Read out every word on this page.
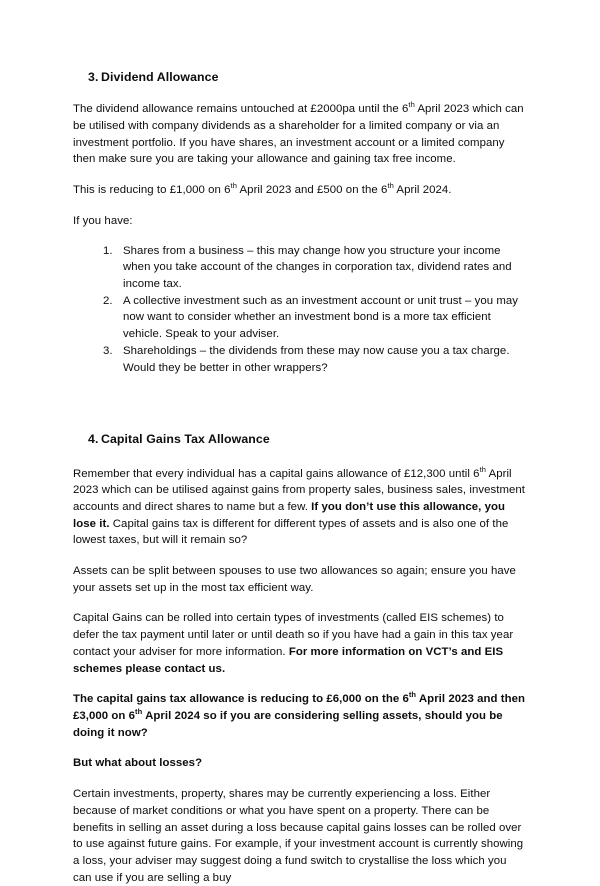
3. Dividend Allowance

The dividend allowance remains untouched at £2000pa until the 6th April 2023 which can be utilised with company dividends as a shareholder for a limited company or via an investment portfolio. If you have shares, an investment account or a limited company then make sure you are taking your allowance and gaining tax free income.

This is reducing to £1,000 on 6th April 2023 and £500 on the 6th April 2024.

If you have:

1. Shares from a business – this may change how you structure your income when you take account of the changes in corporation tax, dividend rates and income tax.
2. A collective investment such as an investment account or unit trust – you may now want to consider whether an investment bond is a more tax efficient vehicle. Speak to your adviser.
3. Shareholdings – the dividends from these may now cause you a tax charge. Would they be better in other wrappers?
4. Capital Gains Tax Allowance

Remember that every individual has a capital gains allowance of £12,300 until 6th April 2023 which can be utilised against gains from property sales, business sales, investment accounts and direct shares to name but a few. If you don’t use this allowance, you lose it. Capital gains tax is different for different types of assets and is also one of the lowest taxes, but will it remain so?

Assets can be split between spouses to use two allowances so again; ensure you have your assets set up in the most tax efficient way.

Capital Gains can be rolled into certain types of investments (called EIS schemes) to defer the tax payment until later or until death so if you have had a gain in this tax year contact your adviser for more information. For more information on VCT’s and EIS schemes please contact us.

The capital gains tax allowance is reducing to £6,000 on the 6th April 2023 and then £3,000 on 6th April 2024 so if you are considering selling assets, should you be doing it now?

But what about losses?

Certain investments, property, shares may be currently experiencing a loss. Either because of market conditions or what you have spent on a property. There can be benefits in selling an asset during a loss because capital gains losses can be rolled over to use against future gains. For example, if your investment account is currently showing a loss, your adviser may suggest doing a fund switch to crystallise the loss which you can use if you are selling a buy
